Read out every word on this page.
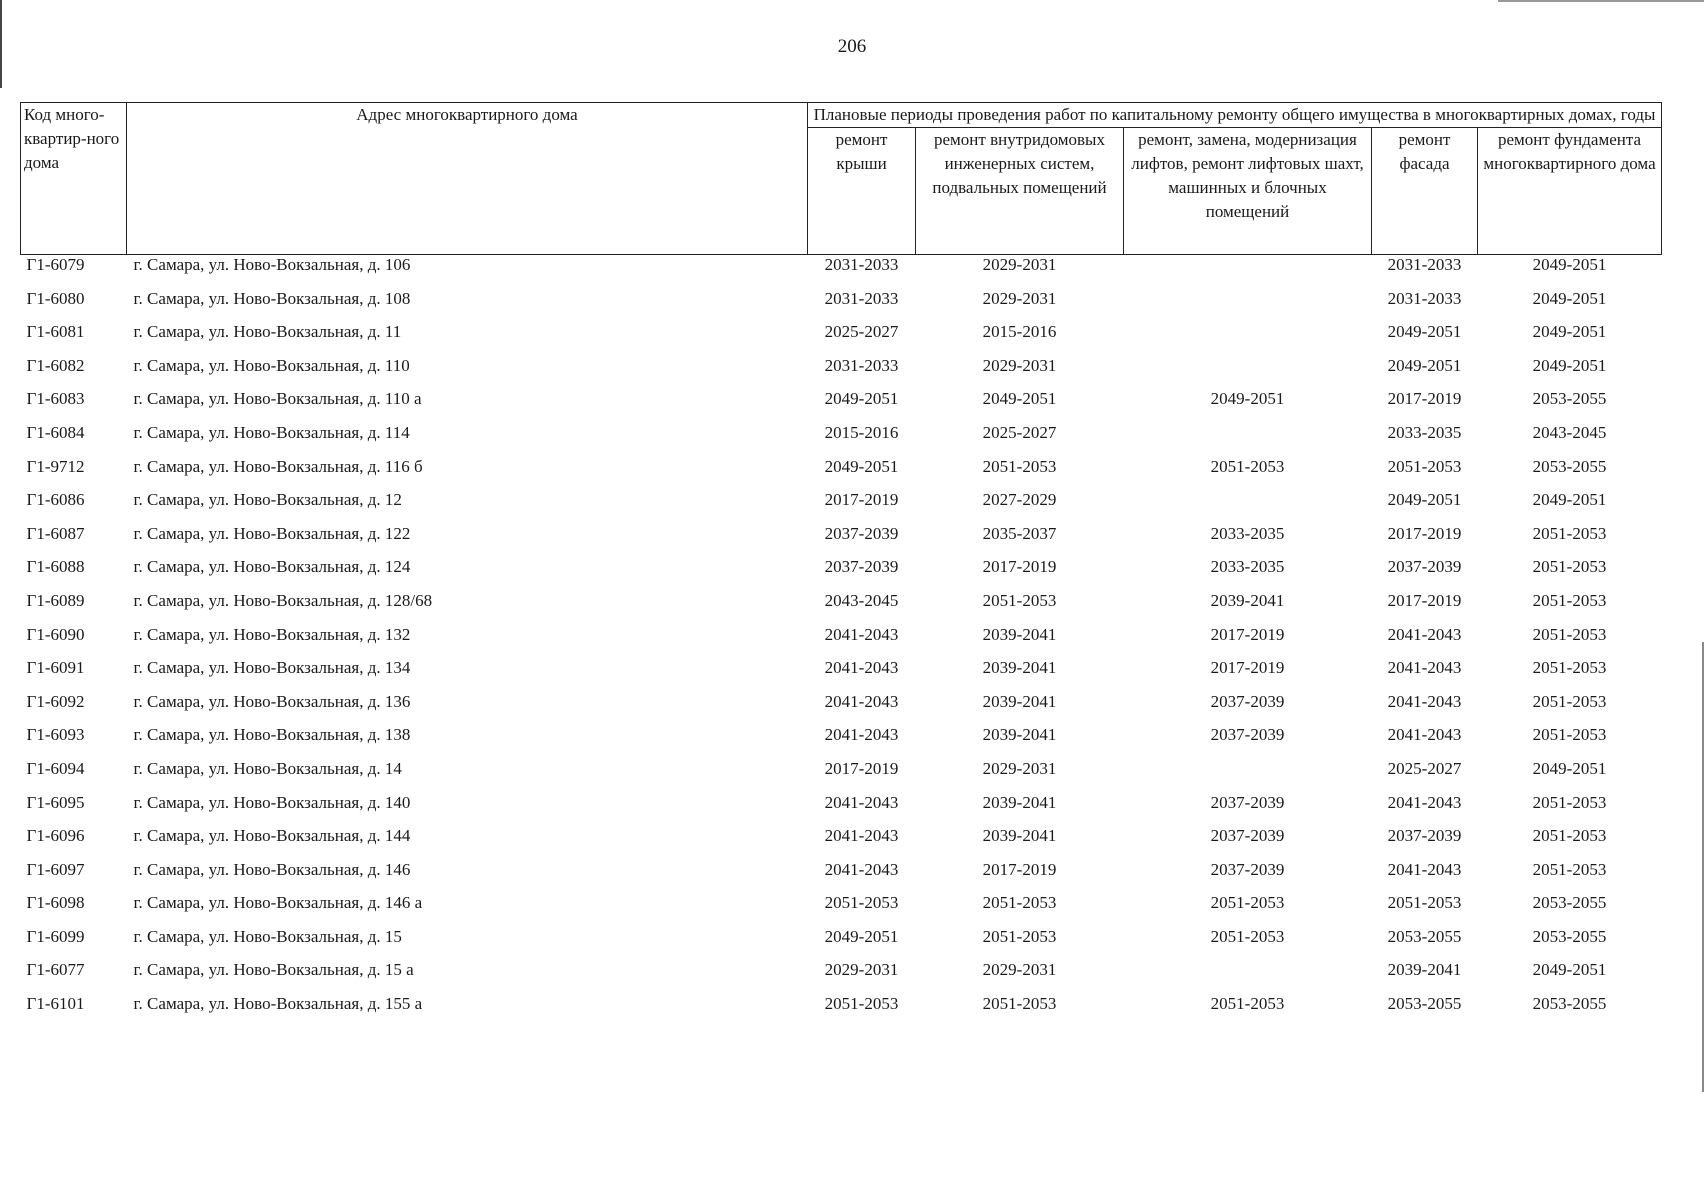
206
Код много-квартир-ного дома	Адрес многоквартирного дома	Плановые периоды проведения работ по капитальному ремонту общего имущества в многоквартирных домах, годы				
		ремонт крыши	ремонт внутридомовых инженерных систем, подвальных помещений	ремонт, замена, модернизация лифтов, ремонт лифтовых шахт, машинных и блочных помещений	ремонт фасада	ремонт фундамента многоквартирного дома
Г1-6079	г. Самара, ул. Ново-Вокзальная, д. 106	2031-2033	2029-2031		2031-2033	2049-2051
Г1-6080	г. Самара, ул. Ново-Вокзальная, д. 108	2031-2033	2029-2031		2031-2033	2049-2051
Г1-6081	г. Самара, ул. Ново-Вокзальная, д. 11	2025-2027	2015-2016		2049-2051	2049-2051
Г1-6082	г. Самара, ул. Ново-Вокзальная, д. 110	2031-2033	2029-2031		2049-2051	2049-2051
Г1-6083	г. Самара, ул. Ново-Вокзальная, д. 110 а	2049-2051	2049-2051	2049-2051	2017-2019	2053-2055
Г1-6084	г. Самара, ул. Ново-Вокзальная, д. 114	2015-2016	2025-2027		2033-2035	2043-2045
Г1-9712	г. Самара, ул. Ново-Вокзальная, д. 116 б	2049-2051	2051-2053	2051-2053	2051-2053	2053-2055
Г1-6086	г. Самара, ул. Ново-Вокзальная, д. 12	2017-2019	2027-2029		2049-2051	2049-2051
Г1-6087	г. Самара, ул. Ново-Вокзальная, д. 122	2037-2039	2035-2037	2033-2035	2017-2019	2051-2053
Г1-6088	г. Самара, ул. Ново-Вокзальная, д. 124	2037-2039	2017-2019	2033-2035	2037-2039	2051-2053
Г1-6089	г. Самара, ул. Ново-Вокзальная, д. 128/68	2043-2045	2051-2053	2039-2041	2017-2019	2051-2053
Г1-6090	г. Самара, ул. Ново-Вокзальная, д. 132	2041-2043	2039-2041	2017-2019	2041-2043	2051-2053
Г1-6091	г. Самара, ул. Ново-Вокзальная, д. 134	2041-2043	2039-2041	2017-2019	2041-2043	2051-2053
Г1-6092	г. Самара, ул. Ново-Вокзальная, д. 136	2041-2043	2039-2041	2037-2039	2041-2043	2051-2053
Г1-6093	г. Самара, ул. Ново-Вокзальная, д. 138	2041-2043	2039-2041	2037-2039	2041-2043	2051-2053
Г1-6094	г. Самара, ул. Ново-Вокзальная, д. 14	2017-2019	2029-2031		2025-2027	2049-2051
Г1-6095	г. Самара, ул. Ново-Вокзальная, д. 140	2041-2043	2039-2041	2037-2039	2041-2043	2051-2053
Г1-6096	г. Самара, ул. Ново-Вокзальная, д. 144	2041-2043	2039-2041	2037-2039	2037-2039	2051-2053
Г1-6097	г. Самара, ул. Ново-Вокзальная, д. 146	2041-2043	2017-2019	2037-2039	2041-2043	2051-2053
Г1-6098	г. Самара, ул. Ново-Вокзальная, д. 146 а	2051-2053	2051-2053	2051-2053	2051-2053	2053-2055
Г1-6099	г. Самара, ул. Ново-Вокзальная, д. 15	2049-2051	2051-2053	2051-2053	2053-2055	2053-2055
Г1-6077	г. Самара, ул. Ново-Вокзальная, д. 15 а	2029-2031	2029-2031		2039-2041	2049-2051
Г1-6101	г. Самара, ул. Ново-Вокзальная, д. 155 а	2051-2053	2051-2053	2051-2053	2053-2055	2053-2055
